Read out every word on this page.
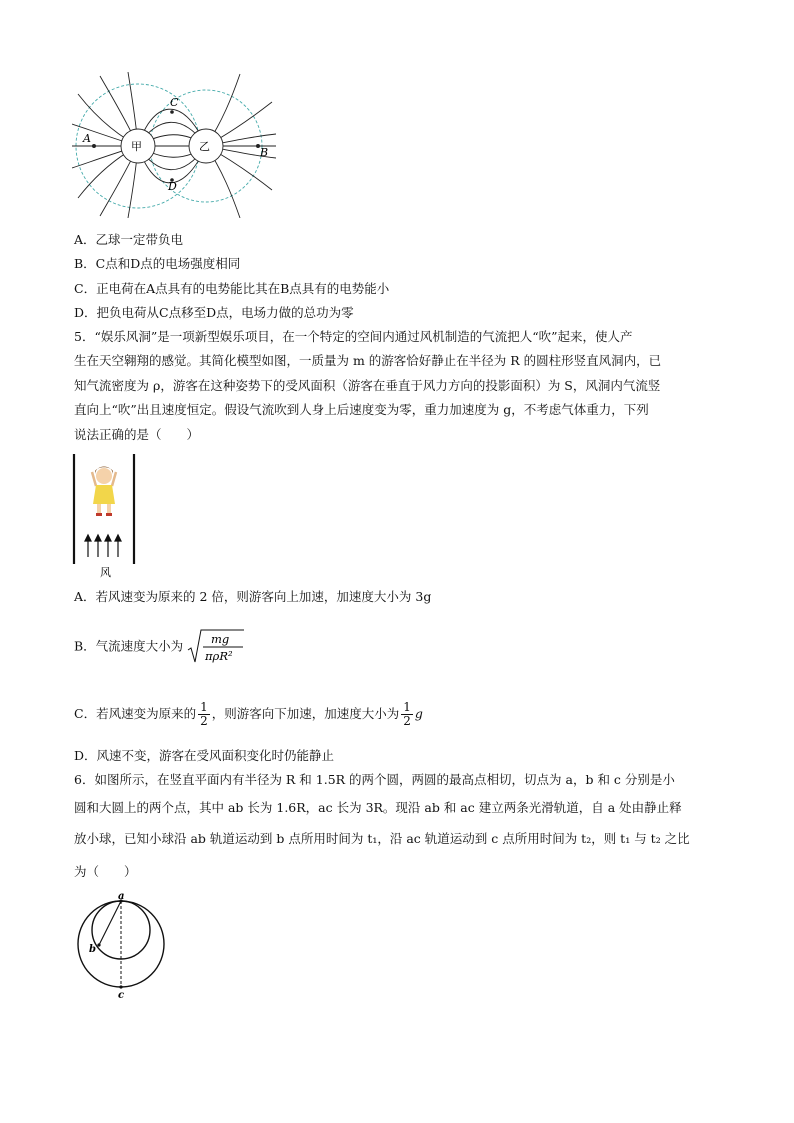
A
B
C
D
甲	乙
A．乙球一定带负电
B．C点和D点的电场强度相同
C．正电荷在A点具有的电势能比其在B点具有的电势能小
D．把负电荷从C点移至D点，电场力做的总功为零
5．“娱乐风洞”是一项新型娱乐项目，在一个特定的空间内通过风机制造的气流把人“吹”起来，使人产
生在天空翱翔的感觉。其简化模型如图，一质量为 m 的游客恰好静止在半径为 R 的圆柱形竖直风洞内，已
知气流密度为 ρ，游客在这种姿势下的受风面积（游客在垂直于风力方向的投影面积）为 S，风洞内气流竖
直向上“吹”出且速度恒定。假设气流吹到人身上后速度变为零，重力加速度为 g，不考虑气体重力，下列
说法正确的是（　　）
风
A．若风速变为原来的 2 倍，则游客向上加速，加速度大小为 3g
B．气流速度大小为 mg
πρR²
C．若风速变为原来的 $\frac{1}{2}$ ，则游客向下加速，加速度大小为 $\frac{1}{2}$ g
D．风速不变，游客在受风面积变化时仍能静止
6．如图所示，在竖直平面内有半径为 R 和 1.5R 的两个圆，两圆的最高点相切，切点为 a，b 和 c 分别是小
圆和大圆上的两个点，其中 ab 长为 1.6R，ac 长为 3R。现沿 ab 和 ac 建立两条光滑轨道，自 a 处由静止释
放小球，已知小球沿 ab 轨道运动到 b 点所用时间为 t₁，沿 ac 轨道运动到 c 点所用时间为 t₂，则 t₁ 与 t₂ 之比
为（　　）
a
b
c
